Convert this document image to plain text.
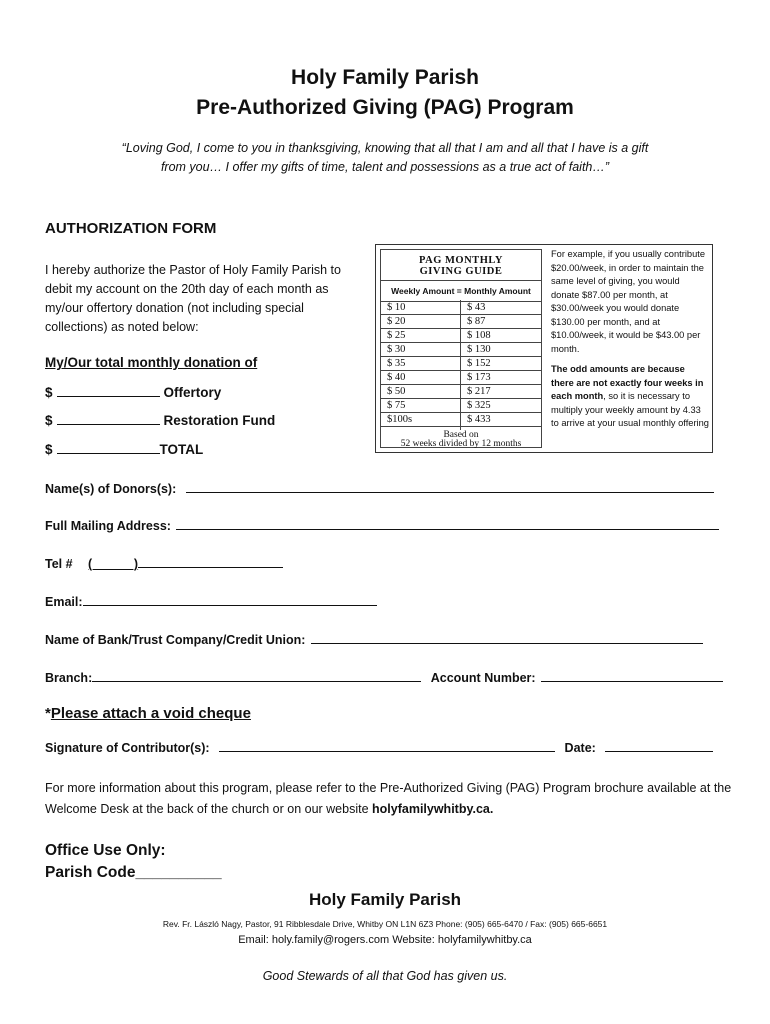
Holy Family Parish
Pre-Authorized Giving (PAG) Program
“Loving God, I come to you in thanksgiving, knowing that all that I am and all that I have is a gift
from you… I offer my gifts of time, talent and possessions as a true act of faith…”
AUTHORIZATION FORM
I hereby authorize the Pastor of Holy Family Parish to debit my account on the 20th day of each month as my/our offertory donation (not including special collections) as noted below:
My/Our total monthly donation of
$	Offertory
$	Restoration Fund
$	TOTAL
PAG MONTHLY
GIVING GUIDE
Weekly Amount = Monthly Amount
$ 10	$ 43
$ 20	$ 87
$ 25	$ 108
$ 30	$ 130
$ 35	$ 152
$ 40	$ 173
$ 50	$ 217
$ 75	$ 325
$100s	$ 433
Based on
52 weeks divided by 12 months
For example, if you usually contribute $20.00/week, in order to maintain the same level of giving, you would donate $87.00 per month, at $30.00/week you would donate $130.00 per month, and at $10.00/week, it would be $43.00 per month.
The odd amounts are because there are not exactly four weeks in each month, so it is necessary to multiply your weekly amount by 4.33 to arrive at your usual monthly offering
Name(s) of Donors(s):
Full Mailing Address:
Tel # (______)
Email:
Name of Bank/Trust Company/Credit Union:
Branch:	Account Number:
*Please attach a void cheque
Signature of Contributor(s):	Date:
For more information about this program, please refer to the Pre-Authorized Giving (PAG) Program brochure available at the Welcome Desk at the back of the church or on our website holyfamilywhitby.ca.
Office Use Only:
Parish Code__________
Holy Family Parish
Rev. Fr. László Nagy, Pastor, 91 Ribblesdale Drive, Whitby ON L1N 6Z3 Phone: (905) 665-6470 / Fax: (905) 665-6651
Email: holy.family@rogers.com Website: holyfamilywhitby.ca
Good Stewards of all that God has given us.
